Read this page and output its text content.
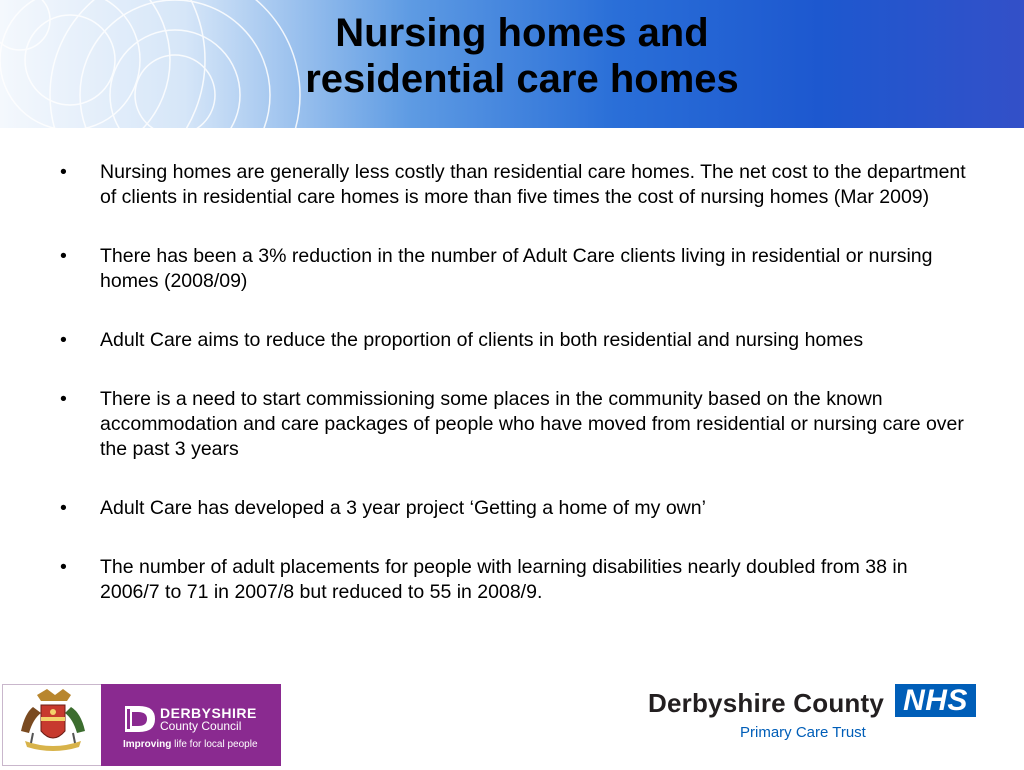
Nursing homes and
residential care homes
•	Nursing homes are generally less costly than residential care homes. The net cost to the department of clients in residential care homes is more than five times the cost of nursing homes (Mar 2009)
•	There has been a 3% reduction in the number of Adult Care clients living in residential or nursing homes (2008/09)
•	Adult Care aims to reduce the proportion of clients in both residential and nursing homes
•	There is a need to start commissioning some places in the community based on the known accommodation and care packages of people who have moved from residential or nursing care over the past 3 years
•	Adult Care has developed a 3 year project ‘Getting a home of my own’
•	The number of adult placements for people with learning disabilities nearly doubled from 38 in 2006/7 to 71 in 2007/8 but reduced to 55 in 2008/9.
DERBYSHIRE
County Council
Improving life for local people
Derbyshire County NHS
Primary Care Trust
